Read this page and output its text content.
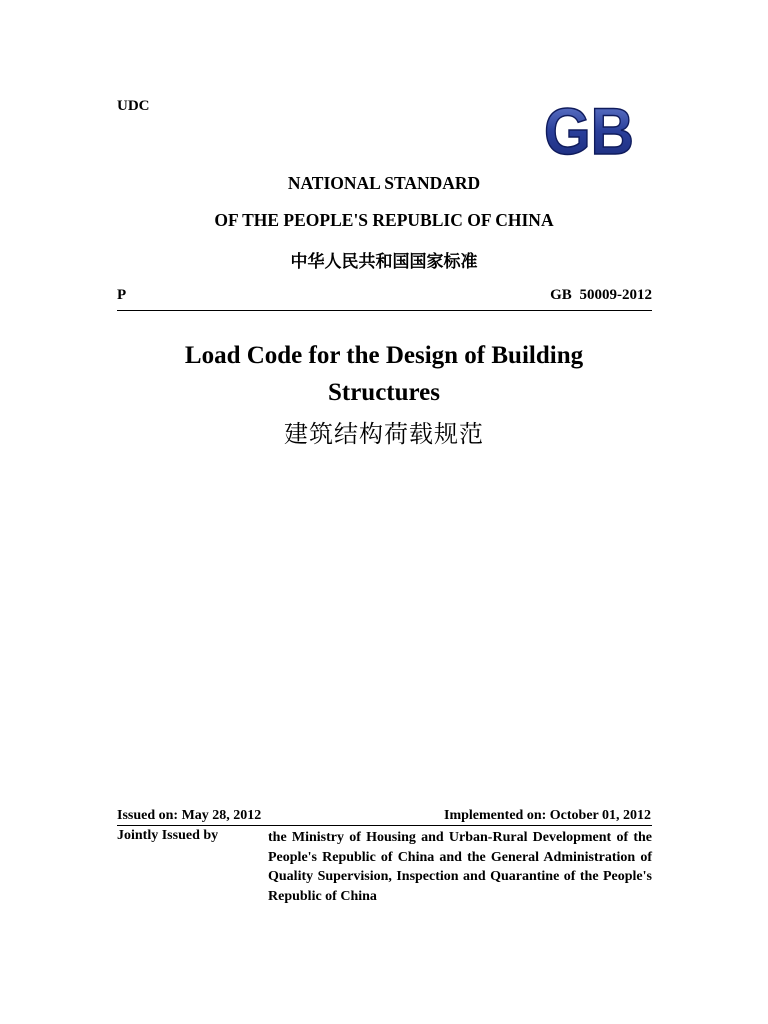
UDC	GB
NATIONAL STANDARD
OF THE PEOPLE'S REPUBLIC OF CHINA
中华人民共和国国家标准
P	GB 50009-2012
Load Code for the Design of Building
Structures
建筑结构荷载规范
Issued on: May 28, 2012	Implemented on: October 01, 2012
Jointly Issued by	the Ministry of Housing and Urban-Rural Development of the People's Republic of China and the General Administration of Quality Supervision, Inspection and Quarantine of the People's Republic of China
